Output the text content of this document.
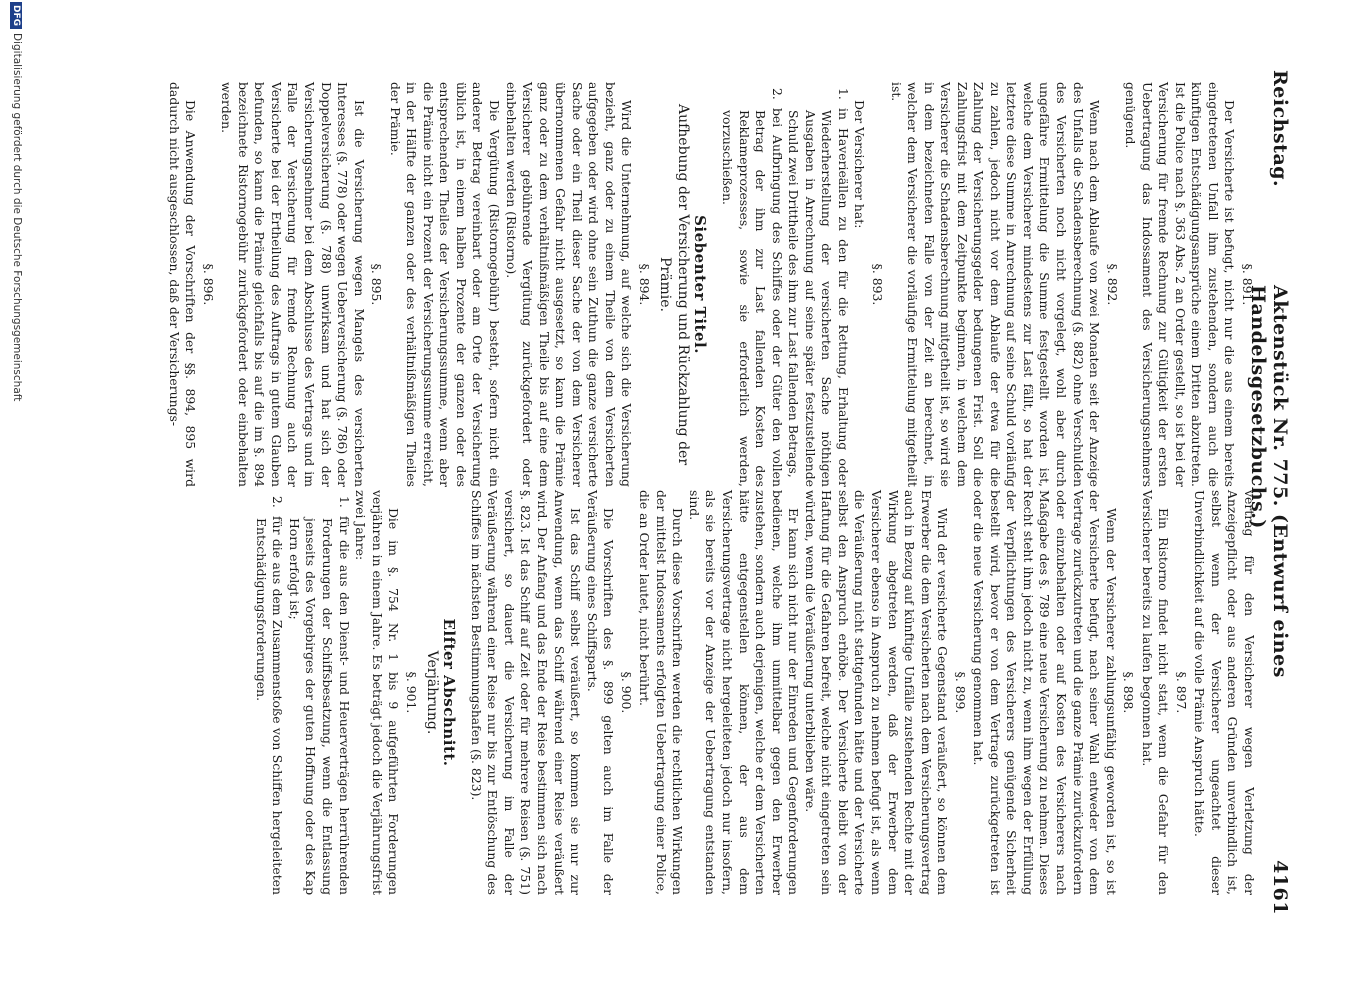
Reichstag.
Aktenstück Nr. 775. (Entwurf eines Handelsgesetzbuchs.)
4161
§. 891.

Der Versicherte ist befugt, nicht nur die aus einem bereits eingetretenen Unfall ihm zustehenden, sondern auch die künftigen Entschädigungsansprüche einem Dritten abzutreten. Ist die Police nach §. 363 Abs. 2 an Order gestellt, so ist bei der Versicherung für fremde Rechnung zur Gültigkeit der ersten Uebertragung das Indossament des Versicherungsnehmers genügend.

§. 892.

Wenn nach dem Ablaufe von zwei Monaten seit der Anzeige des Unfalls die Schadensberechnung (§. 882) ohne Verschulden des Versicherten noch nicht vorgelegt, wohl aber durch ungefähre Ermittelung die Summe festgestellt worden ist, welche dem Versicherer mindestens zur Last fällt, so hat der letztere diese Summe in Anrechnung auf seine Schuld vorläufig zu zahlen, jedoch nicht vor dem Ablaufe der etwa für die Zahlung der Versicherungsgelder bedungenen Frist. Soll die Zahlungsfrist mit dem Zeitpunkte beginnen, in welchem dem Versicherer die Schadensberechnung mitgetheilt ist, so wird sie in dem bezeichneten Falle von der Zeit an berechnet, in welcher dem Versicherer die vorläufige Ermittelung mitgetheilt ist.

§. 893.

Der Versicherer hat:

1.in Haverieällen zu den für die Rettung, Erhaltung oder Wiederherstellung der versicherten Sache nöthigen Ausgaben in Anrechnung auf seine später festzustellende Schuld zwei Drittheile des ihm zur Last fallenden Betrags,

2.bei Aufbringung des Schiffes oder der Güter den vollen Betrag der ihm zur Last fallenden Kosten des Reklameprozesses, sowie sie erforderlich werden, vorzuschießen.

Siebenter Titel.
Aufhebung der Versicherung und Rückzahlung der Prämie.
§. 894.

Wird die Unternehmung, auf welche sich die Versicherung bezieht, ganz oder zu einem Theile von dem Versicherten aufgegeben oder wird ohne sein Zuthun die ganze versicherte Sache oder ein Theil dieser Sache der von dem Versicherer übernommenen Gefahr nicht ausgesetzt, so kann die Prämie ganz oder zu dem verhältnißmäßigen Theile bis auf eine dem Versicherer gebührende Vergütung zurückgefordert oder einbehalten werden (Ristorno).

Die Vergütung (Ristornogebühr) besteht, sofern nicht ein anderer Betrag vereinbart oder am Orte der Versicherung üblich ist, in einem halben Prozente der ganzen oder des entsprechenden Theiles der Versicherungssumme, wenn aber die Prämie nicht ein Prozent der Versicherungssumme erreicht, in der Hälfte der ganzen oder des verhältnißmäßigen Theiles der Prämie.

§. 895.

Ist die Versicherung wegen Mangels des versicherten Interesses (§. 778) oder wegen Ueberversicherung (§. 786) oder Doppelversicherung (§. 788) unwirksam und hat sich der Versicherungsnehmer bei dem Abschlusse des Vertrags und im Falle der Versicherung für fremde Rechnung auch der Versicherte bei der Ertheilung des Auftrags in gutem Glauben befunden, so kann die Prämie gleichfalls bis auf die im §. 894 bezeichnete Ristornogebühr zurückgefordert oder einbehalten werden.

§. 896.

Die Anwendung der Vorschriften der §§. 894, 895 wird dadurch nicht ausgeschlossen, daß der Versicherungs-

vertrag für den Versicherer wegen Verletzung der Anzeigepflicht oder aus anderen Gründen unverbindlich ist, selbst wenn der Versicherer ungeachtet dieser Unverbindlichkeit auf die volle Prämie Anspruch hätte.

§. 897.

Ein Ristorno findet nicht statt, wenn die Gefahr für den Versicherer bereits zu laufen begonnen hat.

§. 898.

Wenn der Versicherer zahlungsunfähig geworden ist, so ist der Versicherte befugt, nach seiner Wahl entweder von dem Vertrage zurückzutreten und die ganze Prämie zurückzufordern oder einzubehalten oder auf Kosten des Versicherers nach Maßgabe des §. 789 eine neue Versicherung zu nehmen. Dieses Recht steht ihm jedoch nicht zu, wenn ihm wegen der Erfüllung der Verpflichtungen des Versicherers genügende Sicherheit bestellt wird, bevor er von dem Vertrage zurückgetreten ist oder die neue Versicherung genommen hat.

§. 899.

Wird der versicherte Gegenstand veräußert, so können dem Erwerber die dem Versicherten nach dem Versicherungsvertrag auch in Bezug auf künftige Unfälle zustehenden Rechte mit der Wirkung abgetreten werden, daß der Erwerber dem Versicherer ebenso in Anspruch zu nehmen befugt ist, als wenn die Veräußerung nicht stattgefunden hätte und der Versicherte selbst den Anspruch erhöbe. Der Versicherte bleibt von der Haftung für die Gefahren befreit, welche nicht eingetreten sein würden, wenn die Veräußerung unterblieben wäre.

Er kann sich nicht nur der Einreden und Gegenforderungen bedienen, welche ihm unmittelbar gegen den Erwerber zustehen, sondern auch derjenigen, welche er dem Versicherten hätte entgegenstellen können, der aus dem Versicherungsvertrage nicht hergeleiteten jedoch nur insofern, als sie bereits vor der Anzeige der Uebertragung entstanden sind.

Durch diese Vorschriften werden die rechtlichen Wirkungen der mittelst Indossaments erfolgten Uebertragung einer Police, die an Order lautet, nicht berührt.

§. 900.

Die Vorschriften des §. 899 gelten auch im Falle der Veräußerung eines Schiffsparts.

Ist das Schiff selbst veräußert, so kommen sie nur zur Anwendung, wenn das Schiff während einer Reise veräußert wird. Der Anfang und das Ende der Reise bestimmen sich nach §. 823. Ist das Schiff auf Zeit oder für mehrere Reisen (§. 751) versichert, so dauert die Versicherung im Falle der Veräußerung während einer Reise nur bis zur Entlöschung des Schiffes im nächsten Bestimmungshafen (§. 823).

Elfter Abschnitt.
Verjährung.
§. 901.

Die im §. 754 Nr. 1 bis 9 aufgeführten Forderungen verjähren in einem Jahre. Es beträgt jedoch die Verjährungsfrist zwei Jahre:

1.für die aus den Dienst- und Heuerverträgen herrührenden Forderungen der Schiffsbesatzung, wenn die Entlassung jenseits des Vorgebirges der guten Hoffnung oder des Kap Horn erfolgt ist;

2.für die aus dem Zusammenstoße von Schiffen hergeleiteten Entschädigungsforderungen.

DFGDigitalisierung gefördert durch die Deutsche Forschungsgemeinschaft
